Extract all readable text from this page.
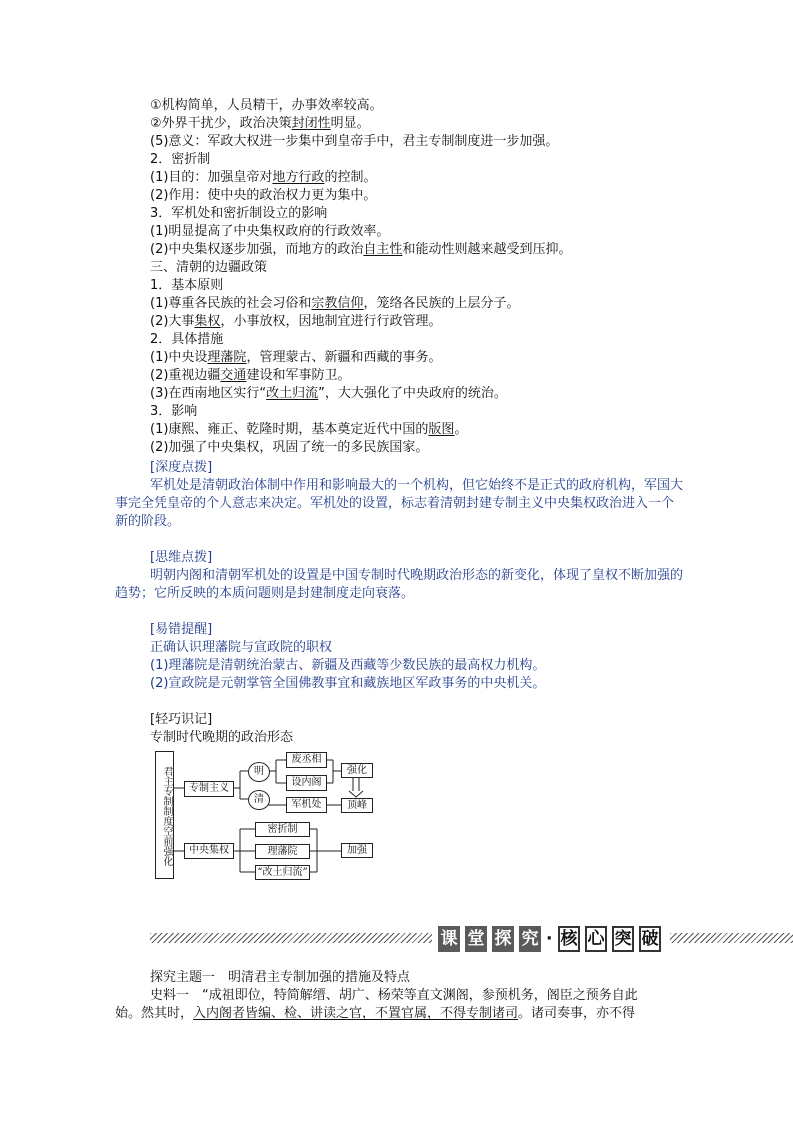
①机构简单，人员精干，办事效率较高。
②外界干扰少，政治决策封闭性明显。
(5)意义：军政大权进一步集中到皇帝手中，君主专制制度进一步加强。
2．密折制
(1)目的：加强皇帝对地方行政的控制。
(2)作用：使中央的政治权力更为集中。
3．军机处和密折制设立的影响
(1)明显提高了中央集权政府的行政效率。
(2)中央集权逐步加强，而地方的政治自主性和能动性则越来越受到压抑。
三、清朝的边疆政策
1．基本原则
(1)尊重各民族的社会习俗和宗教信仰，笼络各民族的上层分子。
(2)大事集权，小事放权，因地制宜进行行政管理。
2．具体措施
(1)中央设理藩院，管理蒙古、新疆和西藏的事务。
(2)重视边疆交通建设和军事防卫。
(3)在西南地区实行“改土归流”，大大强化了中央政府的统治。
3．影响
(1)康熙、雍正、乾隆时期，基本奠定近代中国的版图。
(2)加强了中央集权，巩固了统一的多民族国家。
[深度点拨]
军机处是清朝政治体制中作用和影响最大的一个机构，但它始终不是正式的政府机构，军国大事完全凭皇帝的个人意志来决定。军机处的设置，标志着清朝封建专制主义中央集权政治进入一个新的阶段。
[思维点拨]
明朝内阁和清朝军机处的设置是中国专制时代晚期政治形态的新变化，体现了皇权不断加强的趋势；它所反映的本质问题则是封建制度走向衰落。
[易错提醒]
正确认识理藩院与宣政院的职权
(1)理藩院是清朝统治蒙古、新疆及西藏等少数民族的最高权力机构。
(2)宣政院是元朝掌管全国佛教事宜和藏族地区军政事务的中央机关。
[轻巧识记]
专制时代晚期的政治形态
君主专制制度空前强化	专制主义
中央集权
明
清
废丞相
设内阁
军机处
强化
顶峰
密折制
理藩院
“改土归流”
加强
课 堂 探 究 · 核 心 突 破
探究主题一　明清君主专制加强的措施及特点
史料一　“成祖即位，特简解缙、胡广、杨荣等直文渊阁，参预机务，阁臣之预务自此
始。然其时，入内阁者皆编、检、讲读之官，不置官属，不得专制诸司。诸司奏事，亦不得
